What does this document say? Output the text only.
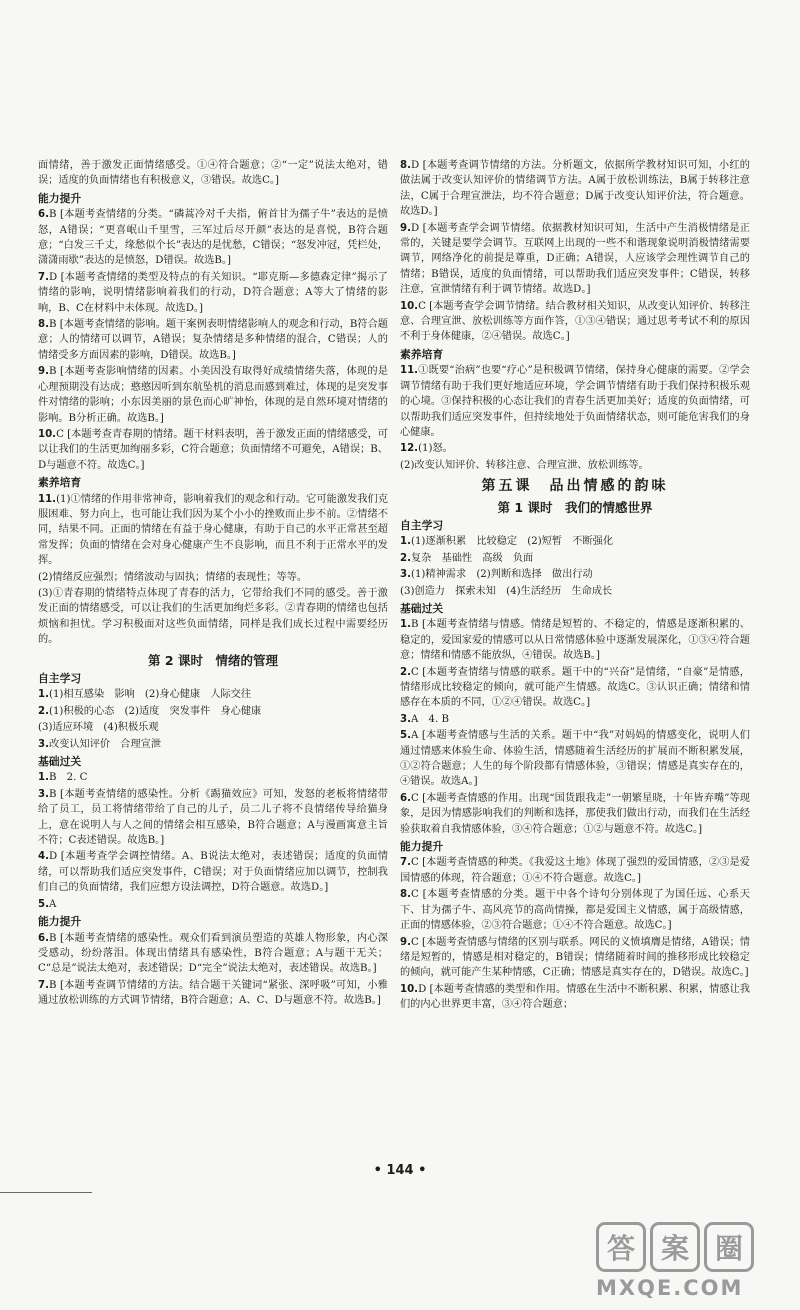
面情绪，善于激发正面情绪感受。①④符合题意；②“一定”说法太绝对，错误；适度的负面情绪也有积极意义，③错误。故选C。]
能力提升
6.B [本题考查情绪的分类。“磷蒿冷对千夫指，俯首甘为孺子牛”表达的是愤怒，A错误；“更喜岷山千里雪，三军过后尽开颜”表达的是喜悦，B符合题意；“白发三千丈，缘愁似个长”表达的是忧愁，C错误；“怒发冲冠，凭栏处，潇潇雨歇”表达的是愤怒，D错误。故选B。]
7.D [本题考查情绪的类型及特点的有关知识。“耶克斯—多德森定律”揭示了情绪的影响，说明情绪影响着我们的行动，D符合题意；A等大了情绪的影响，B、C在材料中未体现。故选D。]
8.B [本题考查情绪的影响。题干案例表明情绪影响人的观念和行动，B符合题意；人的情绪可以调节，A错误；复杂情绪是多种情绪的混合，C错误；人的情绪受多方面因素的影响，D错误。故选B。]
9.B [本题考查影响情绪的因素。小美因没有取得好成绩情绪失落，体现的是心理预期没有达成；憨憨因听到东航坠机的消息而感到难过，体现的是突发事件对情绪的影响；小东因美丽的景色而心旷神怡，体现的是自然环境对情绪的影响。B分析正确。故选B。]
10.C [本题考查青春期的情绪。题干材料表明，善于激发正面的情绪感受，可以让我们的生活更加绚丽多彩，C符合题意；负面情绪不可避免，A错误；B、D与题意不符。故选C。]
素养培育
11.(1)①情绪的作用非常神奇，影响着我们的观念和行动。它可能激发我们克服困难、努力向上，也可能让我们因为某个小小的挫败而止步不前。②情绪不同，结果不同。正面的情绪在有益于身心健康，有助于自己的水平正常甚至超常发挥；负面的情绪在会对身心健康产生不良影响，而且不利于正常水平的发挥。
(2)情绪反应强烈；情绪波动与固执；情绪的表现性；等等。
(3)①青春期的情绪特点体现了青春的活力，它带给我们不同的感受。善于激发正面的情绪感受，可以让我们的生活更加绚烂多彩。②青春期的情绪也包括烦恼和担忧。学习积极面对这些负面情绪，同样是我们成长过程中需要经历的。
第 2 课时　情绪的管理
自主学习
1.(1)相互感染　影响　(2)身心健康　人际交往
2.(1)积极的心态　(2)适度　突发事件　身心健康
(3)适应环境　(4)积极乐观
3.改变认知评价　合理宣泄
基础过关
1.B　2. C
3.B [本题考查情绪的感染性。分析《踢猫效应》可知，发怒的老板将情绪带给了员工，员工将情绪带给了自己的儿子，员二儿子将不良情绪传导给猫身上，意在说明人与人之间的情绪会相互感染，B符合题意；A与漫画寓意主旨不符；C表述错误。故选B。]
4.D [本题考查学会调控情绪。A、B说法太绝对，表述错误；适度的负面情绪，可以帮助我们适应突发事件，C错误；对于负面情绪应加以调节，控制我们自己的负面情绪，我们应想方设法调控，D符合题意。故选D。]
5.A
能力提升
6.B [本题考查情绪的感染性。观众们看到演员塑造的英雄人物形象，内心深受感动，纷纷落泪。体现出情绪具有感染性，B符合题意；A与题干无关；C“总是”说法太绝对，表述错误；D“完全”说法太绝对，表述错误。故选B。]
7.B [本题考查调节情绪的方法。结合题干关键词“紧张、深呼吸”可知，小雅通过放松训练的方式调节情绪，B符合题意；A、C、D与题意不符。故选B。]
8.D [本题考查调节情绪的方法。分析题文，依据所学教材知识可知，小红的做法属于改变认知评价的情绪调节方法。A属于放松训练法，B属于转移注意法，C属于合理宣泄法，均不符合题意；D属于改变认知评价法，符合题意。故选D。]
9.D [本题考查学会调节情绪。依据教材知识可知，生活中产生消极情绪是正常的，关键是要学会调节。互联网上出现的一些不和谐现象说明消极情绪需要调节，网络净化的前提是尊重，D正确；A错误，人应该学会理性调节自己的情绪；B错误，适度的负面情绪，可以帮助我们适应突发事件；C错误，转移注意，宣泄情绪有利于调节情绪。故选D。]
10.C [本题考查学会调节情绪。结合教材相关知识，从改变认知评价、转移注意、合理宣泄、放松训练等方面作答，①③④错误；通过思考考试不利的原因不利于身体健康，②④错误。故选C。]
素养培育
11.①既要“治病”也要“疗心”是积极调节情绪，保持身心健康的需要。②学会调节情绪有助于我们更好地适应环境，学会调节情绪有助于我们保持积极乐观的心境。③保持积极的心态让我们的青春生活更加美好；适度的负面情绪，可以帮助我们适应突发事件，但持续地处于负面情绪状态，则可能危害我们的身心健康。
12.(1)怒。
(2)改变认知评价、转移注意、合理宣泄、放松训练等。
第五课　品出情感的韵味
第 1 课时　我们的情感世界
自主学习
1.(1)逐渐积累　比较稳定　(2)短暂　不断强化
2.复杂　基础性　高级　负面
3.(1)精神需求　(2)判断和选择　做出行动
(3)创造力　探索未知　(4)生活经历　生命成长
基础过关
1.B [本题考查情绪与情感。情绪是短暂的、不稳定的，情感是逐渐积累的、稳定的，爱国家爱的情感可以从日常情感体验中逐渐发展深化，①③④符合题意；情绪和情感不能放纵，④错误。故选B。]
2.C [本题考查情绪与情感的联系。题干中的“兴奋”是情绪，“自豪”是情感，情绪形成比较稳定的倾向，就可能产生情感。故选C。③认识正确；情绪和情感存在本质的不同，①②④错误。故选C。]
3.A　4. B
5.A [本题考查情感与生活的关系。题干中“我”对妈妈的情感变化，说明人们通过情感来体验生命、体验生活，情感随着生活经历的扩展而不断积累发展，①②符合题意；人生的每个阶段都有情感体验，③错误；情感是真实存在的，④错误。故选A。]
6.C [本题考查情感的作用。出现“国货跟我走”一朝繁星晓，十年皆弃嘴”等现象，是因为情感影响我们的判断和选择，那使我们做出行动，而我们在生活经验获取着自我情感体验，③④符合题意；①②与题意不符。故选C。]
能力提升
7.C [本题考查情感的种类。《我爱这土地》体现了强烈的爱国情感，②③是爱国情感的体现，符合题意；①④不符合题意。故选C。]
8.C [本题考查情感的分类。题干中各个诗句分别体现了为国任远、心系天下、甘为孺子牛、高风亮节的高尚情操，都是爱国主义情感，属于高级情感，正面的情感体验，②③符合题意；①④不符合题意。故选C。]
9.C [本题考查情感与情绪的区别与联系。网民的义愤填膺是情绪，A错误；情绪是短暂的，情感是相对稳定的，B错误；情绪随着时间的推移形成比较稳定的倾向，就可能产生某种情感，C正确；情感是真实存在的，D错误。故选C。]
10.D [本题考查情感的类型和作用。情感在生活中不断积累、积累，情感让我们的内心世界更丰富，③④符合题意；
• 144 •
答 案 圈
MXQE.COM
